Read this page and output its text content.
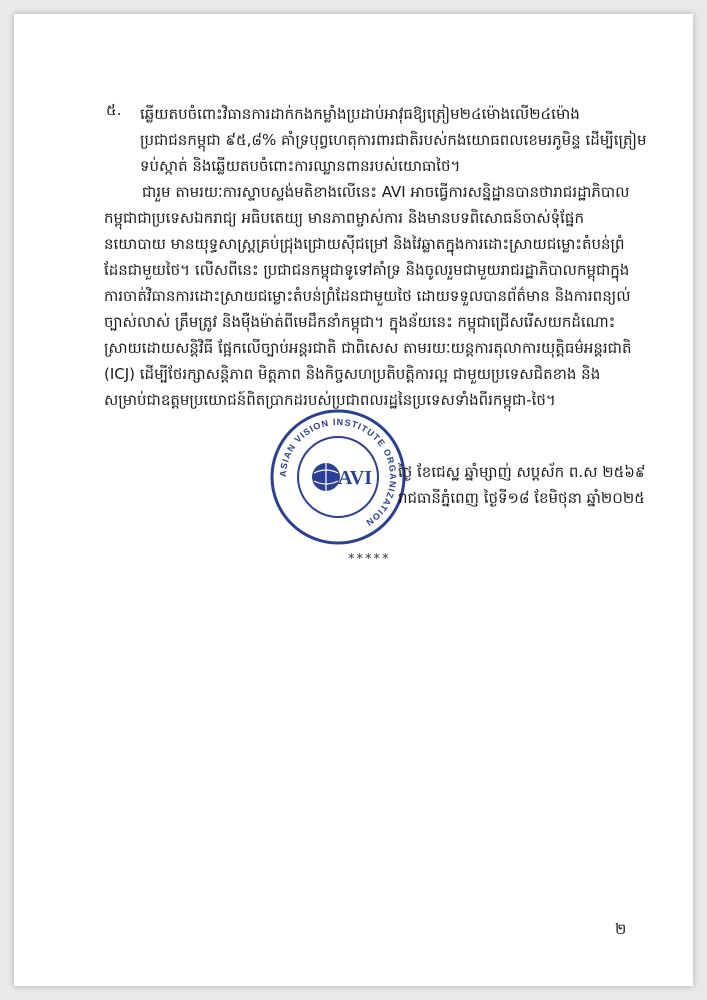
៥. ឆ្លើយតបចំពោះវិធានការដាក់កងកម្លាំងប្រដាប់អាវុធឱ្យត្រៀម២៤ម៉ោងលើ២៤ម៉ោង
ប្រជាជនកម្ពុជា ៩៥,៨% គាំទ្របុព្វហេតុការពារជាតិរបស់កងយោធពលខេមរភូមិន្ទ ដើម្បីត្រៀម
ទប់ស្កាត់ និងឆ្លើយតបចំពោះការឈ្លានពានរបស់យោធាថៃ។
ជារួម តាមរយៈការស្ទាបស្ទង់មតិខាងលើនេះ AVI អាចធ្វើការសន្និដ្ឋានបានថារាជរដ្ឋាភិបាល
កម្ពុជាជាប្រទេសឯករាជ្យ អធិបតេយ្យ មានភាពម្ចាស់ការ និងមានបទពិសោធន៍ចាស់ទុំផ្នែក
នយោបាយ មានយុទ្ធសាស្ត្រគ្រប់ជ្រុងជ្រោយស៊ីជម្រៅ និងវៃឆ្លាតក្នុងការដោះស្រាយជម្លោះតំបន់ព្រំ
ដែនជាមួយថៃ។ លើសពីនេះ ប្រជាជនកម្ពុជាទូទៅគាំទ្រ និងចូលរួមជាមួយរាជរដ្ឋាភិបាលកម្ពុជាក្នុង
ការចាត់វិធានការដោះស្រាយជម្លោះតំបន់ព្រំដែនជាមួយថៃ ដោយទទួលបានព័ត៌មាន និងការពន្យល់
ច្បាស់លាស់ ត្រឹមត្រូវ និងម៉ឺងម៉ាត់ពីមេដឹកនាំកម្ពុជា។ ក្នុងន័យនេះ កម្ពុជាជ្រើសរើសយកដំណោះ
ស្រាយដោយសន្តិវិធី ផ្អែកលើច្បាប់អន្តរជាតិ ជាពិសេស តាមរយៈយន្តការតុលាការយុត្តិធម៌អន្តរជាតិ
(ICJ) ដើម្បីថែរក្សាសន្តិភាព មិត្តភាព និងកិច្ចសហប្រតិបត្តិការល្អ ជាមួយប្រទេសជិតខាង និង
សម្រាប់ជាឧត្តមប្រយោជន៍ពិតប្រាកដរបស់ប្រជាពលរដ្ឋនៃប្រទេសទាំងពីរកម្ពុជា-ថៃ។
ASIAN VISION INSTITUTE ORGANIZATION
AVI ថ្ងៃ ខែជេស្ឋ ឆ្នាំម្សាញ់ សប្តស័ក ព.ស ២៥៦៩
រាជធានីភ្នំពេញ ថ្ងៃទី១៨ ខែមិថុនា ឆ្នាំ២០២៥
*****
២
